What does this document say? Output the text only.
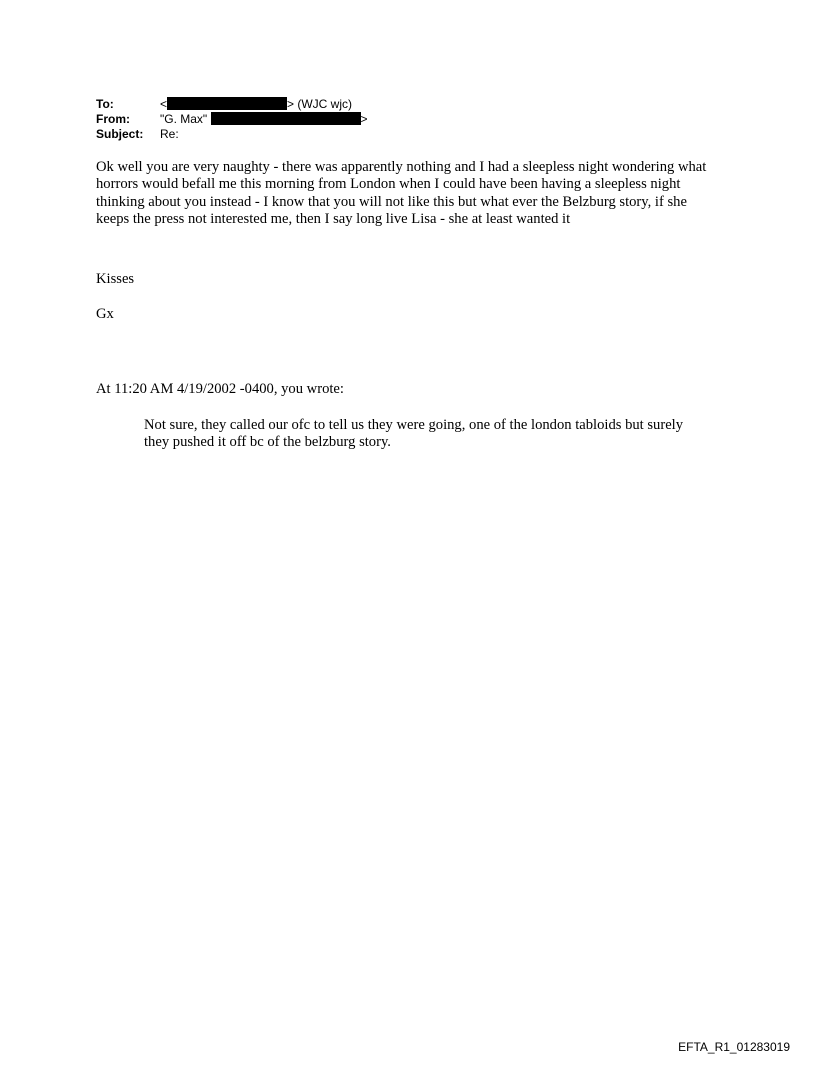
To:	<	> (WJC wjc)
From:	"G. Max"	>
Subject:	Re:

Ok well you are very naughty - there was apparently nothing and I had a sleepless night wondering what horrors would befall me this morning from London when I could have been having a sleepless night thinking about you instead - I know that you will not like this but what ever the Belzburg story, if she keeps the press not interested me, then I say long live Lisa - she at least wanted it

Kisses

Gx

At 11:20 AM 4/19/2002 -0400, you wrote:

Not sure, they called our ofc to tell us they were going, one of the london tabloids but surely they pushed it off bc of the belzburg story.

EFTA_R1_01283019
